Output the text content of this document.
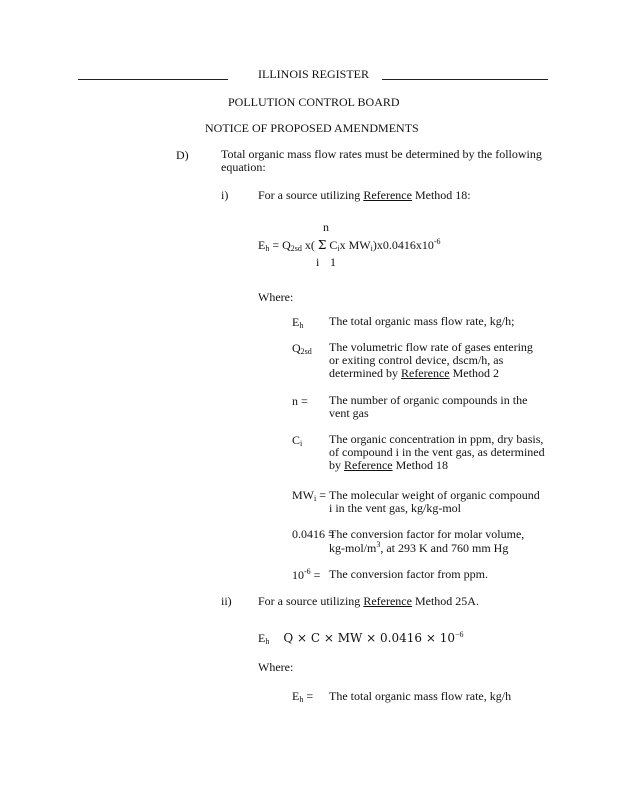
ILLINOIS REGISTER
POLLUTION CONTROL BOARD
NOTICE OF PROPOSED AMENDMENTS
D)	Total organic mass flow rates must be determined by the following equation:
i) For a source utilizing Reference Method 18:
n
$E_h = Q_{2sd}$ x( Σ $C_ix$ $MW_i)x0.0416x10^{-6}$
i 1
Where:
$E_h$ The total organic mass flow rate, kg/h;
$Q_{2sd}$ The volumetric flow rate of gases entering or exiting control device, dscm/h, as determined by Reference Method 2
n = The number of organic compounds in the vent gas
$C_i$ The organic concentration in ppm, dry basis, of compound i in the vent gas, as determined by Reference Method 18
$MW_i$ = The molecular weight of organic compound
i in the vent gas, kg/kg-mol
0.0416 =
The conversion factor for molar volume,
$kg-mol/m^3$, at 293 K and 760 mm Hg
$10^{-6}$ = The conversion factor from ppm.
ii) For a source utilizing Reference Method 25A.
$E_h$ Q × C × MW × $0.0416 \times 10^{-6}$
Where:
$E_h$ = The total organic mass flow rate, kg/h
